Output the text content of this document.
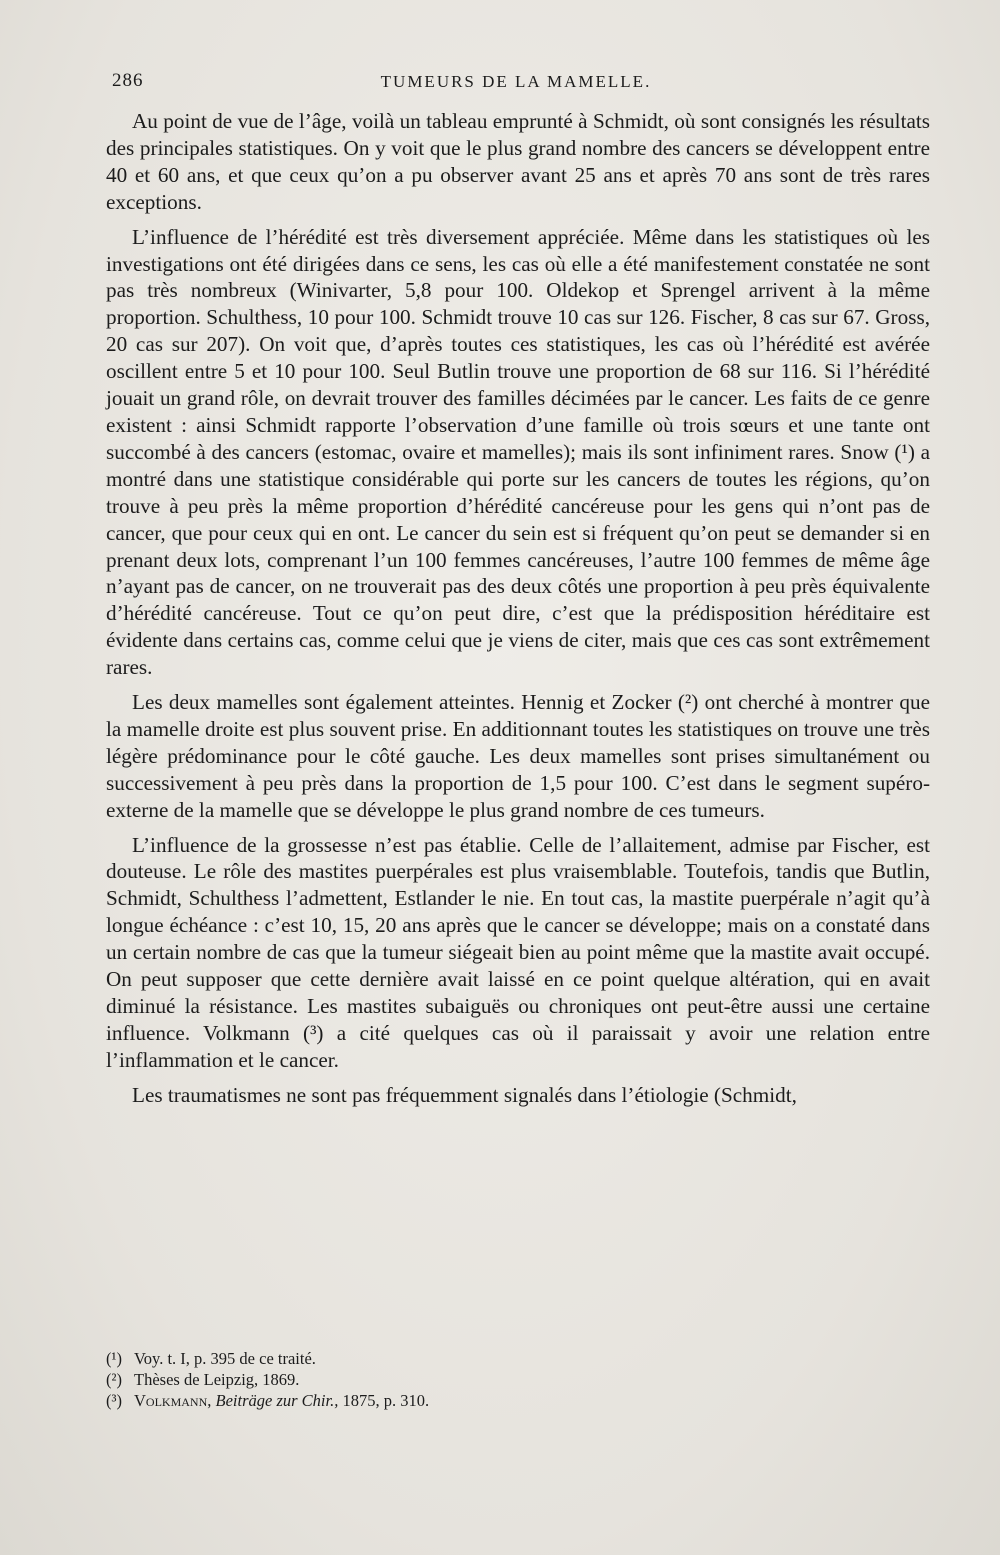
286	TUMEURS DE LA MAMELLE.

Au point de vue de l’âge, voilà un tableau emprunté à Schmidt, où sont consignés les résultats des principales statistiques. On y voit que le plus grand nombre des cancers se développent entre 40 et 60 ans, et que ceux qu’on a pu observer avant 25 ans et après 70 ans sont de très rares exceptions.

L’influence de l’hérédité est très diversement appréciée. Même dans les statistiques où les investigations ont été dirigées dans ce sens, les cas où elle a été manifestement constatée ne sont pas très nombreux (Winivarter, 5,8 pour 100. Oldekop et Sprengel arrivent à la même proportion. Schulthess, 10 pour 100. Schmidt trouve 10 cas sur 126. Fischer, 8 cas sur 67. Gross, 20 cas sur 207). On voit que, d’après toutes ces statistiques, les cas où l’hérédité est avérée oscillent entre 5 et 10 pour 100. Seul Butlin trouve une proportion de 68 sur 116. Si l’hérédité jouait un grand rôle, on devrait trouver des familles décimées par le cancer. Les faits de ce genre existent : ainsi Schmidt rapporte l’observation d’une famille où trois sœurs et une tante ont succombé à des cancers (estomac, ovaire et mamelles); mais ils sont infiniment rares. Snow (¹) a montré dans une statistique considérable qui porte sur les cancers de toutes les régions, qu’on trouve à peu près la même proportion d’hérédité cancéreuse pour les gens qui n’ont pas de cancer, que pour ceux qui en ont. Le cancer du sein est si fréquent qu’on peut se demander si en prenant deux lots, comprenant l’un 100 femmes cancéreuses, l’autre 100 femmes de même âge n’ayant pas de cancer, on ne trouverait pas des deux côtés une proportion à peu près équivalente d’hérédité cancéreuse. Tout ce qu’on peut dire, c’est que la prédisposition héréditaire est évidente dans certains cas, comme celui que je viens de citer, mais que ces cas sont extrêmement rares.

Les deux mamelles sont également atteintes. Hennig et Zocker (²) ont cherché à montrer que la mamelle droite est plus souvent prise. En additionnant toutes les statistiques on trouve une très légère prédominance pour le côté gauche. Les deux mamelles sont prises simultanément ou successivement à peu près dans la proportion de 1,5 pour 100. C’est dans le segment supéro-externe de la mamelle que se développe le plus grand nombre de ces tumeurs.

L’influence de la grossesse n’est pas établie. Celle de l’allaitement, admise par Fischer, est douteuse. Le rôle des mastites puerpérales est plus vraisemblable. Toutefois, tandis que Butlin, Schmidt, Schulthess l’admettent, Estlander le nie. En tout cas, la mastite puerpérale n’agit qu’à longue échéance : c’est 10, 15, 20 ans après que le cancer se développe; mais on a constaté dans un certain nombre de cas que la tumeur siégeait bien au point même que la mastite avait occupé. On peut supposer que cette dernière avait laissé en ce point quelque altération, qui en avait diminué la résistance. Les mastites subaiguës ou chroniques ont peut-être aussi une certaine influence. Volkmann (³) a cité quelques cas où il paraissait y avoir une relation entre l’inflammation et le cancer.

Les traumatismes ne sont pas fréquemment signalés dans l’étiologie (Schmidt,

(¹) Voy. t. I, p. 395 de ce traité.
(²) Thèses de Leipzig, 1869.
(³) Volkmann, Beiträge zur Chir., 1875, p. 310.
